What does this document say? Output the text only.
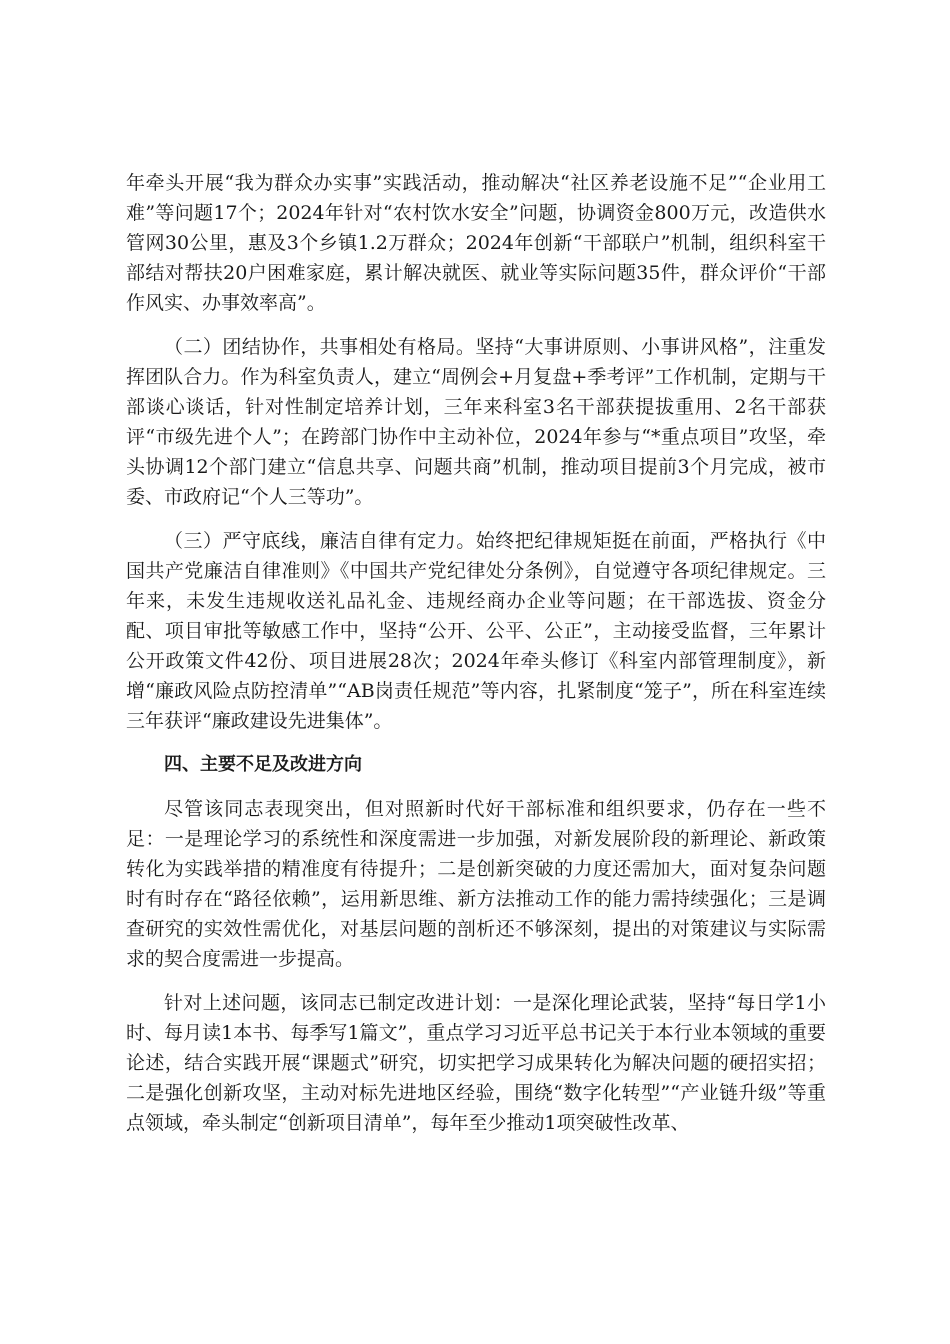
年牵头开展“我为群众办实事”实践活动，推动解决“社区养老设施不足”“企业用工难”等问题17个；2024年针对“农村饮水安全”问题，协调资金800万元，改造供水管网30公里，惠及3个乡镇1.2万群众；2024年创新“干部联户”机制，组织科室干部结对帮扶20户困难家庭，累计解决就医、就业等实际问题35件，群众评价“干部作风实、办事效率高”。

（二）团结协作，共事相处有格局。坚持“大事讲原则、小事讲风格”，注重发挥团队合力。作为科室负责人，建立“周例会+月复盘+季考评”工作机制，定期与干部谈心谈话，针对性制定培养计划，三年来科室3名干部获提拔重用、2名干部获评“市级先进个人”；在跨部门协作中主动补位，2024年参与“*重点项目”攻坚，牵头协调12个部门建立“信息共享、问题共商”机制，推动项目提前3个月完成，被市委、市政府记“个人三等功”。

（三）严守底线，廉洁自律有定力。始终把纪律规矩挺在前面，严格执行《中国共产党廉洁自律准则》《中国共产党纪律处分条例》，自觉遵守各项纪律规定。三年来，未发生违规收送礼品礼金、违规经商办企业等问题；在干部选拔、资金分配、项目审批等敏感工作中，坚持“公开、公平、公正”，主动接受监督，三年累计公开政策文件42份、项目进展28次；2024年牵头修订《科室内部管理制度》，新增“廉政风险点防控清单”“AB岗责任规范”等内容，扎紧制度“笼子”，所在科室连续三年获评“廉政建设先进集体”。

四、主要不足及改进方向

尽管该同志表现突出，但对照新时代好干部标准和组织要求，仍存在一些不足：一是理论学习的系统性和深度需进一步加强，对新发展阶段的新理论、新政策转化为实践举措的精准度有待提升；二是创新突破的力度还需加大，面对复杂问题时有时存在“路径依赖”，运用新思维、新方法推动工作的能力需持续强化；三是调查研究的实效性需优化，对基层问题的剖析还不够深刻，提出的对策建议与实际需求的契合度需进一步提高。

针对上述问题，该同志已制定改进计划：一是深化理论武装，坚持“每日学1小时、每月读1本书、每季写1篇文”，重点学习习近平总书记关于本行业本领域的重要论述，结合实践开展“课题式”研究，切实把学习成果转化为解决问题的硬招实招；二是强化创新攻坚，主动对标先进地区经验，围绕“数字化转型”“产业链升级”等重点领域，牵头制定“创新项目清单”，每年至少推动1项突破性改革、
